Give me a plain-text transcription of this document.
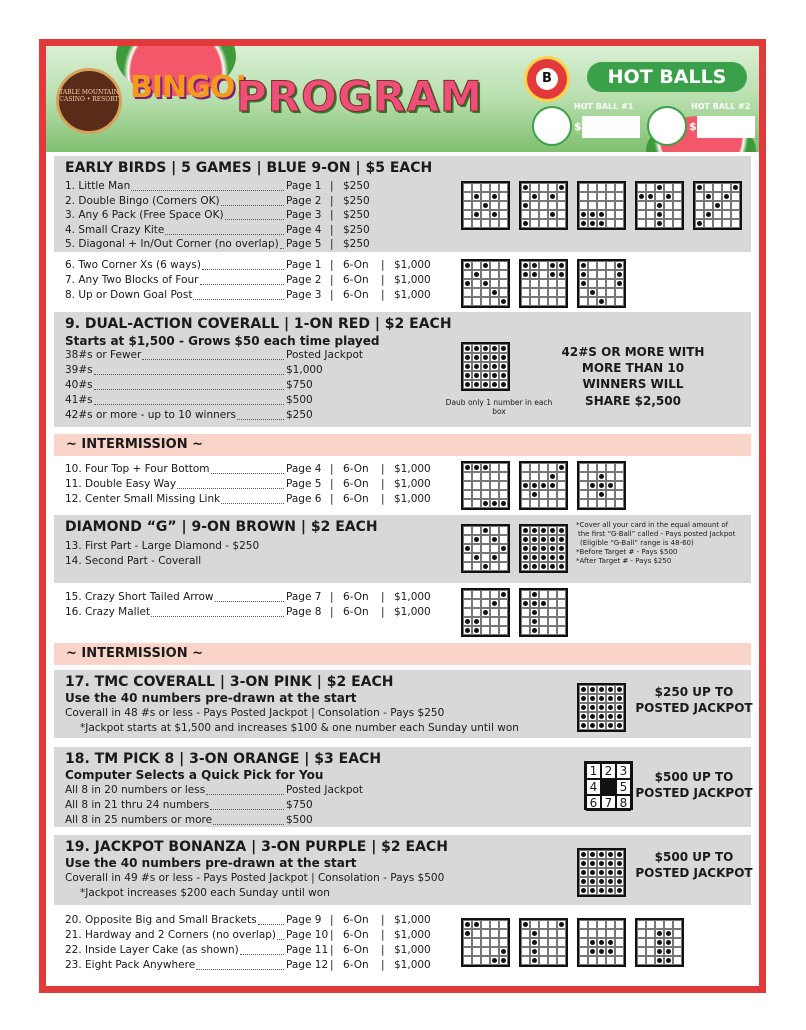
TABLE MOUNTAIN CASINO • RESORT BINGO!
PROGRAM	B	HOT BALLS
HOT BALL #1	HOT BALL #2
$	$
EARLY BIRDS | 5 GAMES | BLUE 9-ON | $5 EACH
1. Little Man	Page 1 | $250
2. Double Bingo (Corners OK)	Page 2 | $250
3. Any 6 Pack (Free Space OK)	Page 3 | $250
4. Small Crazy Kite	Page 4 | $250
5. Diagonal + In/Out Corner (no overlap) Page 5 | $250
6. Two Corner Xs (6 ways)	Page 1 | 6-On | $1,000
7. Any Two Blocks of Four	Page 2 | 6-On | $1,000
8. Up or Down Goal Post	Page 3 | 6-On | $1,000
9. DUAL-ACTION COVERALL | 1-ON RED | $2 EACH
Starts at $1,500 - Grows $50 each time played
38#s or Fewer	Posted Jackpot
39#s	$1,000
40#s	$750
41#s	$500
42#s or more - up to 10 winners	$250
Daub only 1 number in each box
42#S OR MORE WITH MORE THAN 10 WINNERS WILL SHARE $2,500
~ INTERMISSION ~
10. Four Top + Four Bottom	Page 4 | 6-On | $1,000
11. Double Easy Way	Page 5 | 6-On | $1,000
12. Center Small Missing Link	Page 6 | 6-On | $1,000
DIAMOND “G” | 9-ON BROWN | $2 EACH
13. First Part - Large Diamond - $250
14. Second Part - Coverall
*Cover all your card in the equal amount of
the first “G-Ball” called - Pays posted Jackpot
(Eligible “G-Ball” range is 48-60)
*Before Target # - Pays $500
*After Target # - Pays $250
15. Crazy Short Tailed Arrow	Page 7 | 6-On | $1,000
16. Crazy Mallet	Page 8 | 6-On | $1,000
~ INTERMISSION ~
17. TMC COVERALL | 3-ON PINK | $2 EACH
Use the 40 numbers pre-drawn at the start
Coverall in 48 #s or less - Pays Posted Jackpot | Consolation - Pays $250
*Jackpot starts at $1,500 and increases $100 & one number each Sunday until won
$250 UP TO POSTED JACKPOT
18. TM PICK 8 | 3-ON ORANGE | $3 EACH
Computer Selects a Quick Pick for You
All 8 in 20 numbers or less	Posted Jackpot
All 8 in 21 thru 24 numbers	$750
All 8 in 25 numbers or more	$500
1 2 3
4	5
6 7 8
$500 UP TO POSTED JACKPOT
19. JACKPOT BONANZA | 3-ON PURPLE | $2 EACH
Use the 40 numbers pre-drawn at the start
Coverall in 49 #s or less - Pays Posted Jackpot | Consolation - Pays $500
*Jackpot increases $200 each Sunday until won
$500 UP TO POSTED JACKPOT
20. Opposite Big and Small Brackets	Page 9 | 6-On | $1,000
21. Hardway and 2 Corners (no overlap) Page 10 | 6-On | $1,000
22. Inside Layer Cake (as shown)	Page 11 | 6-On | $1,000
23. Eight Pack Anywhere	Page 12 | 6-On | $1,000
